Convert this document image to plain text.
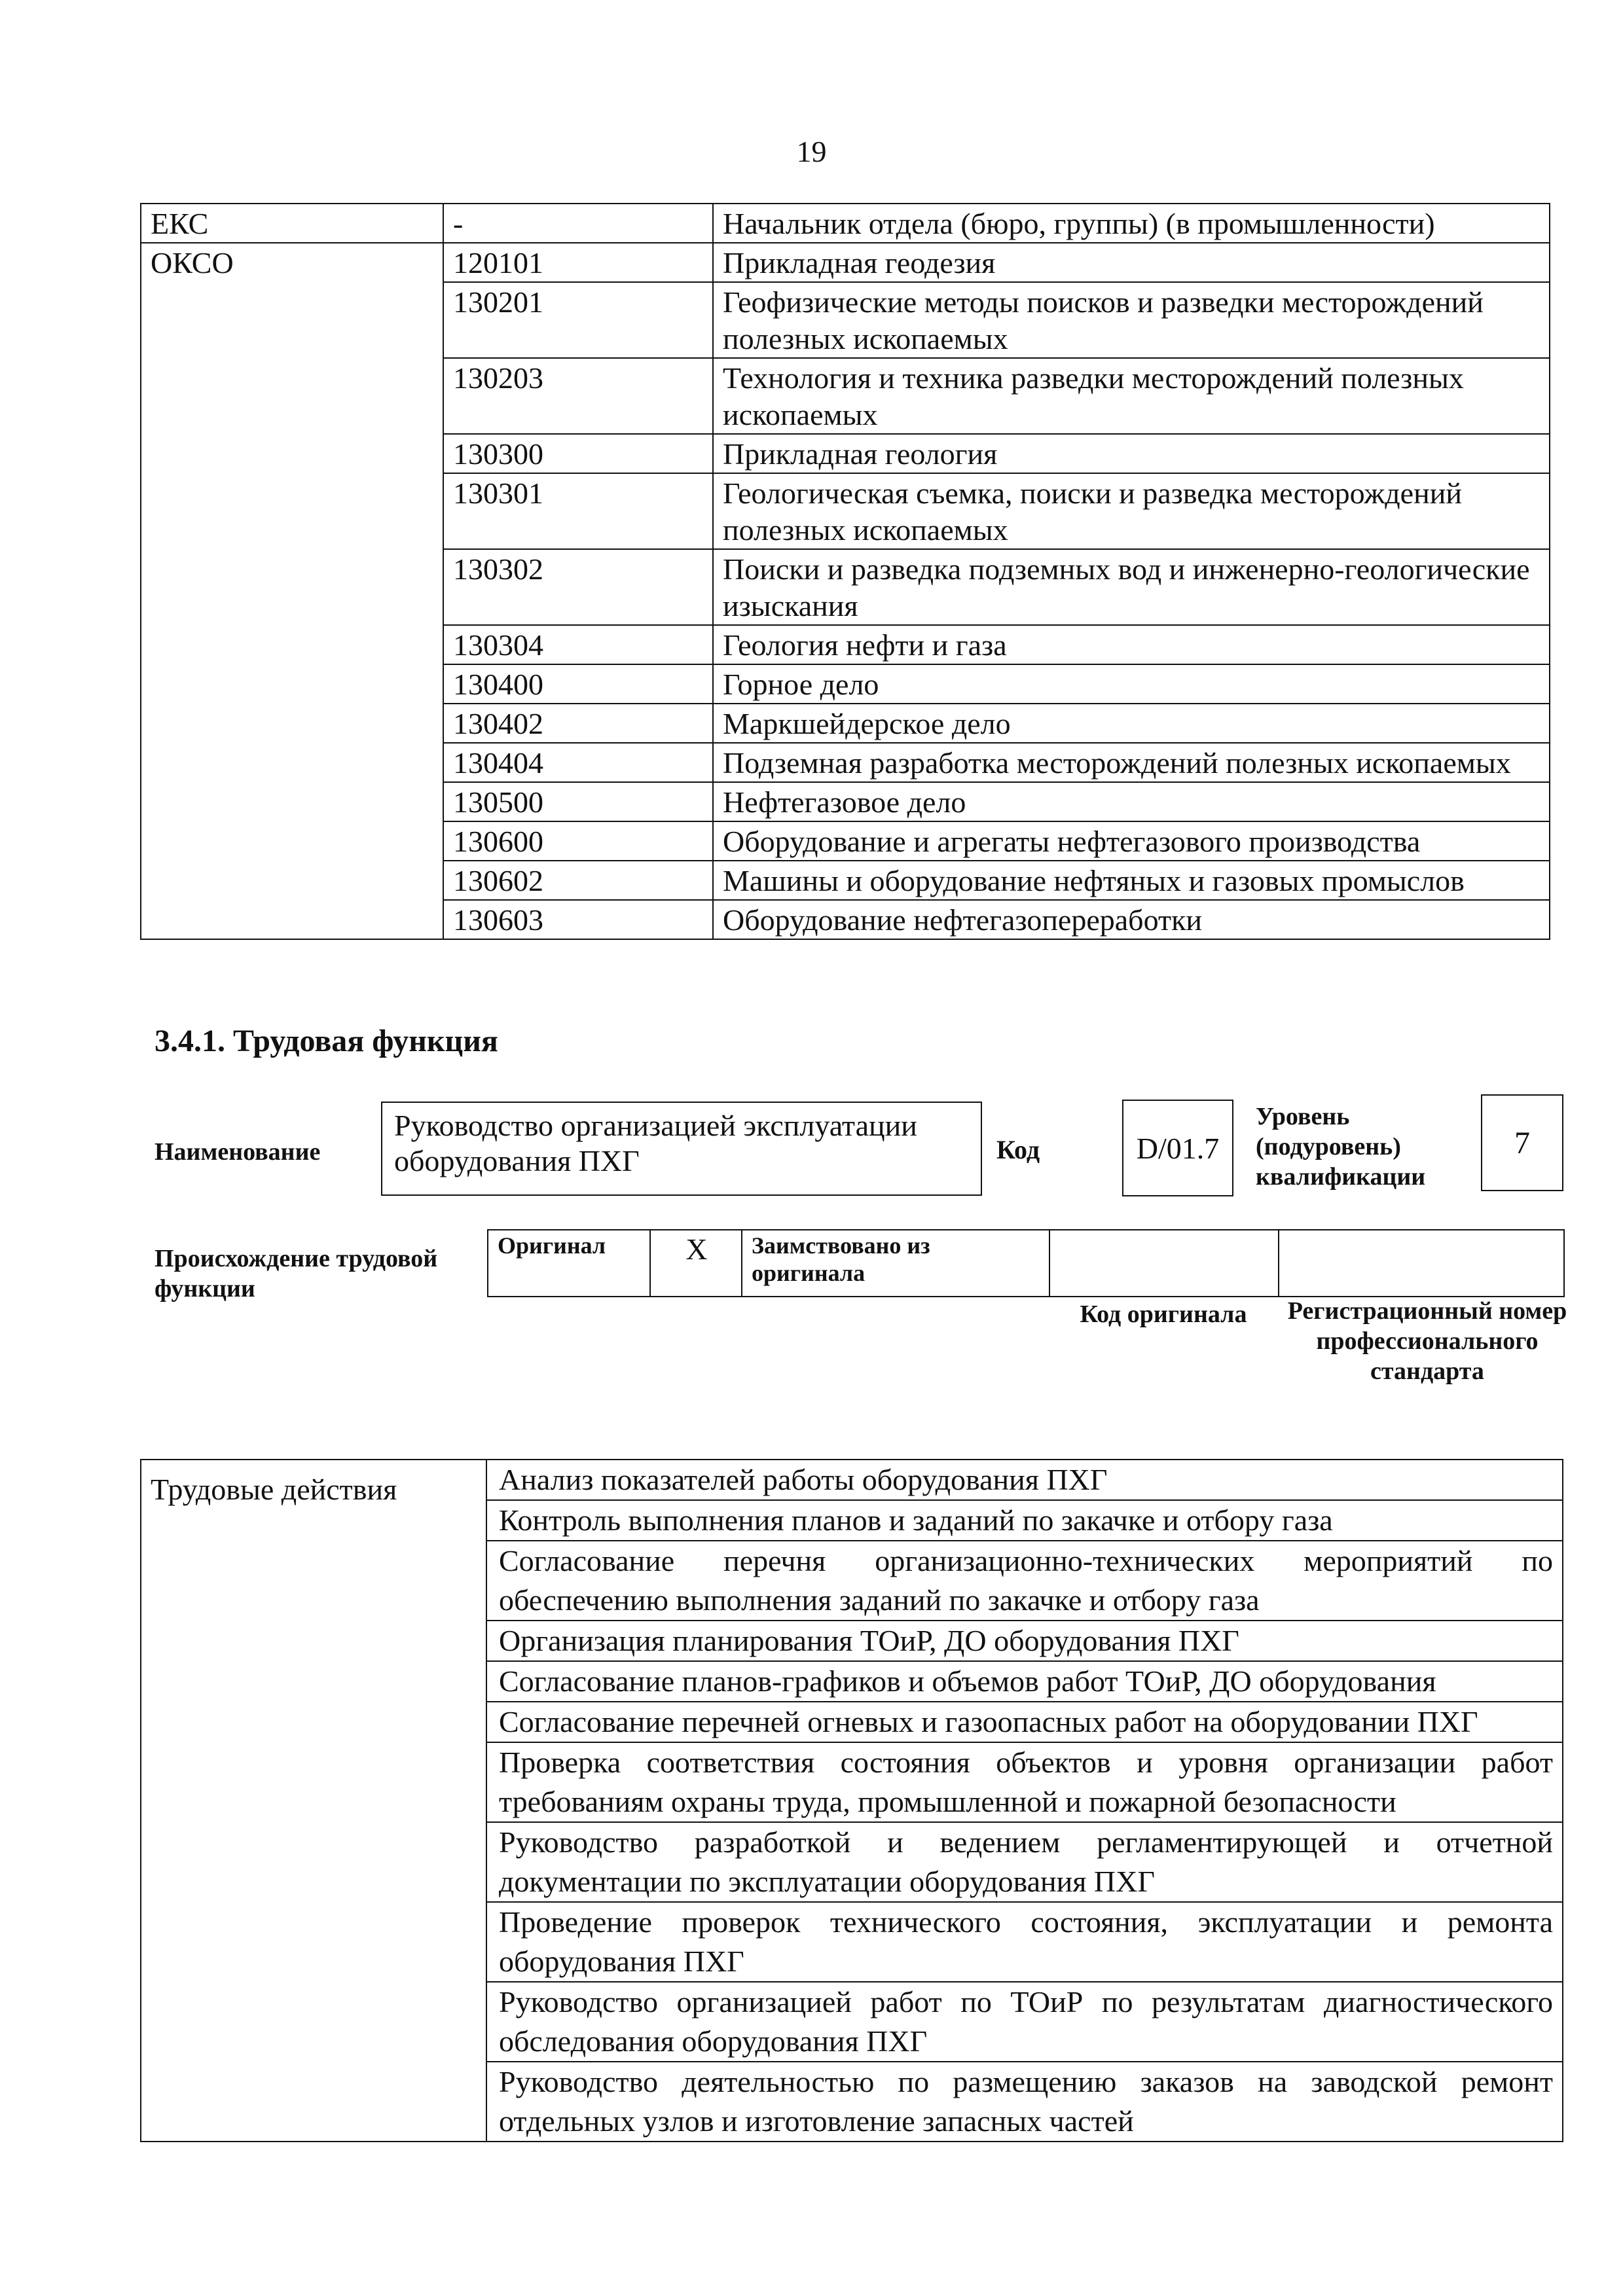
19
ЕКС	-	Начальник отдела (бюро, группы) (в промышленности)
ОКСО	120101	Прикладная геодезия
	130201	Геофизические методы поисков и разведки месторождений полезных ископаемых
	130203	Технология и техника разведки месторождений полезных ископаемых
	130300	Прикладная геология
	130301	Геологическая съемка, поиски и разведка месторождений полезных ископаемых
	130302	Поиски и разведка подземных вод и инженерно-геологические изыскания
	130304	Геология нефти и газа
	130400	Горное дело
	130402	Маркшейдерское дело
	130404	Подземная разработка месторождений полезных ископаемых
	130500	Нефтегазовое дело
	130600	Оборудование и агрегаты нефтегазового производства
	130602	Машины и оборудование нефтяных и газовых промыслов
	130603	Оборудование нефтегазопереработки
3.4.1. Трудовая функция
Наименование
Руководство организацией эксплуатации оборудования ПХГ	Код	D/01.7
Уровень (подуровень) квалификации
7
Происхождение трудовой функции
Оригинал	X	Заимствовано из оригинала		
Код оригинала	Регистрационный номер профессионального стандарта
Трудовые действия	Анализ показателей работы оборудования ПХГ
Контроль выполнения планов и заданий по закачке и отбору газа
Согласование перечня организационно-технических мероприятий по обеспечению выполнения заданий по закачке и отбору газа
Организация планирования ТОиР, ДО оборудования ПХГ
Согласование планов-графиков и объемов работ ТОиР, ДО оборудования
Согласование перечней огневых и газоопасных работ на оборудовании ПХГ
Проверка соответствия состояния объектов и уровня организации работ требованиям охраны труда, промышленной и пожарной безопасности
Руководство разработкой и ведением регламентирующей и отчетной документации по эксплуатации оборудования ПХГ
Проведение проверок технического состояния, эксплуатации и ремонта оборудования ПХГ
Руководство организацией работ по ТОиР по результатам диагностического обследования оборудования ПХГ
Руководство деятельностью по размещению заказов на заводской ремонт отдельных узлов и изготовление запасных частей
